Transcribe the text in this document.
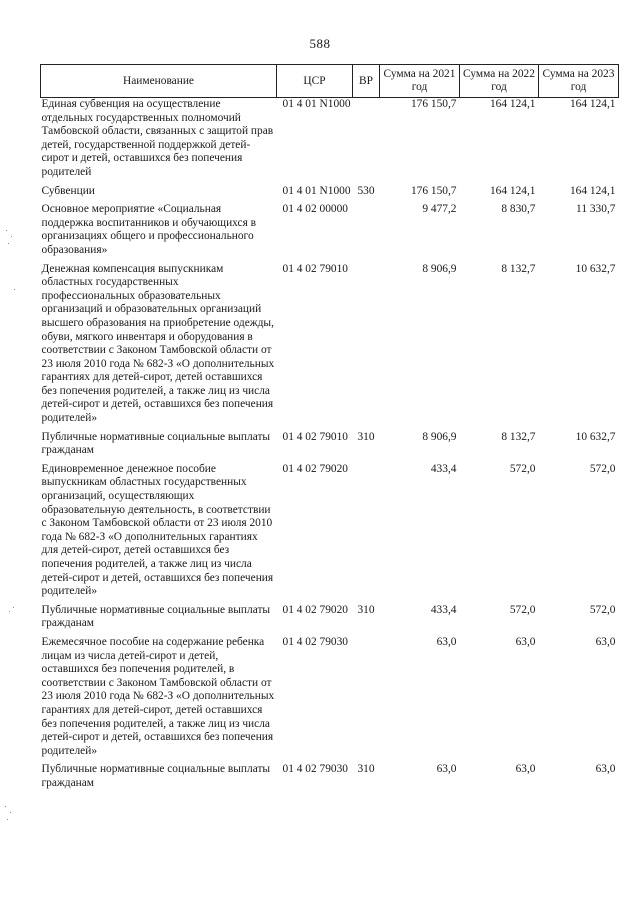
588
Наименование	ЦСР	ВР	Сумма на 2021 год	Сумма на 2022 год	Сумма на 2023 год
Единая субвенция на осуществление отдельных государственных полномочий Тамбовской области, связанных с защитой прав детей, государственной поддержкой детей-сирот и детей, оставшихся без попечения родителей	01 4 01 N1000		176 150,7	164 124,1	164 124,1
Субвенции	01 4 01 N1000	530	176 150,7	164 124,1	164 124,1
Основное мероприятие «Социальная поддержка воспитанников и обучающихся в организациях общего и профессионального образования»	01 4 02 00000		9 477,2	8 830,7	11 330,7
Денежная компенсация выпускникам областных государственных профессиональных образовательных организаций и образовательных организаций высшего образования на приобретение одежды, обуви, мягкого инвентаря и оборудования в соответствии с Законом Тамбовской области от 23 июля 2010 года № 682-З «О дополнительных гарантиях для детей-сирот, детей оставшихся без попечения родителей, а также лиц из числа детей-сирот и детей, оставшихся без попечения родителей»	01 4 02 79010		8 906,9	8 132,7	10 632,7
Публичные нормативные социальные выплаты гражданам	01 4 02 79010	310	8 906,9	8 132,7	10 632,7
Единовременное денежное пособие выпускникам областных государственных организаций, осуществляющих образовательную деятельность, в соответствии с Законом Тамбовской области от 23 июля 2010 года № 682-З «О дополнительных гарантиях для детей-сирот, детей оставшихся без попечения родителей, а также лиц из числа детей-сирот и детей, оставшихся без попечения родителей»	01 4 02 79020		433,4	572,0	572,0
Публичные нормативные социальные выплаты гражданам	01 4 02 79020	310	433,4	572,0	572,0
Ежемесячное пособие на содержание ребенка лицам из числа детей-сирот и детей, оставшихся без попечения родителей, в соответствии с Законом Тамбовской области от 23 июля 2010 года № 682-З «О дополнительных гарантиях для детей-сирот, детей оставшихся без попечения родителей, а также лиц из числа детей-сирот и детей, оставшихся без попечения родителей»	01 4 02 79030		63,0	63,0	63,0
Публичные нормативные социальные выплаты гражданам	01 4 02 79030	310	63,0	63,0	63,0
